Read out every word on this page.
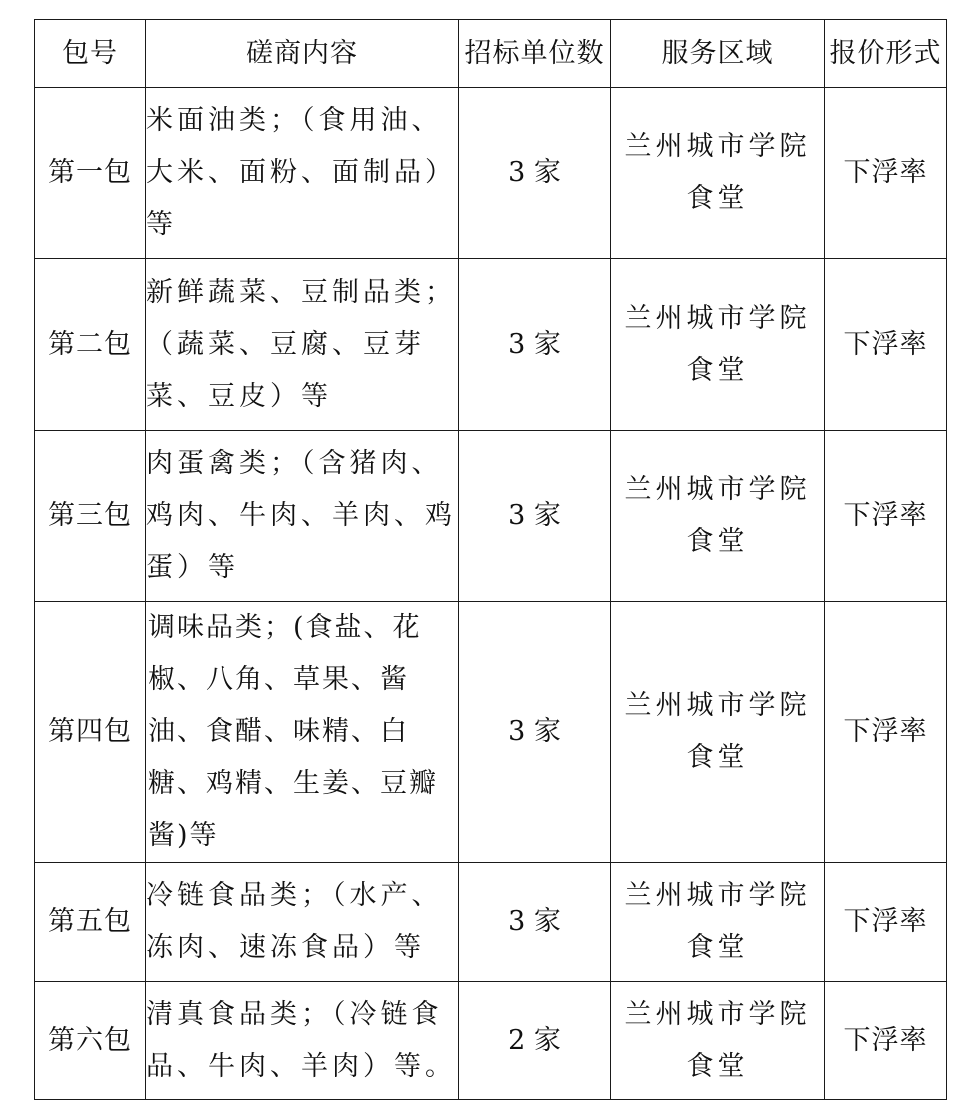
包号	磋商内容	招标单位数	服务区域	报价形式
第一包	米面油类；（食用油、大米、面粉、面制品）等	3 家	兰州城市学院食堂	下浮率
第二包	新鲜蔬菜、豆制品类；（蔬菜、豆腐、豆芽菜、豆皮）等	3 家	兰州城市学院食堂	下浮率
第三包	肉蛋禽类；（含猪肉、鸡肉、牛肉、羊肉、鸡蛋）等	3 家	兰州城市学院食堂	下浮率
第四包	调味品类；(食盐、花椒、八角、草果、酱油、食醋、味精、白糖、鸡精、生姜、豆瓣酱)等	3 家	兰州城市学院食堂	下浮率
第五包	冷链食品类；（水产、冻肉、速冻食品）等	3 家	兰州城市学院食堂	下浮率
第六包	清真食品类；（冷链食品、牛肉、羊肉）等。	2 家	兰州城市学院食堂	下浮率
